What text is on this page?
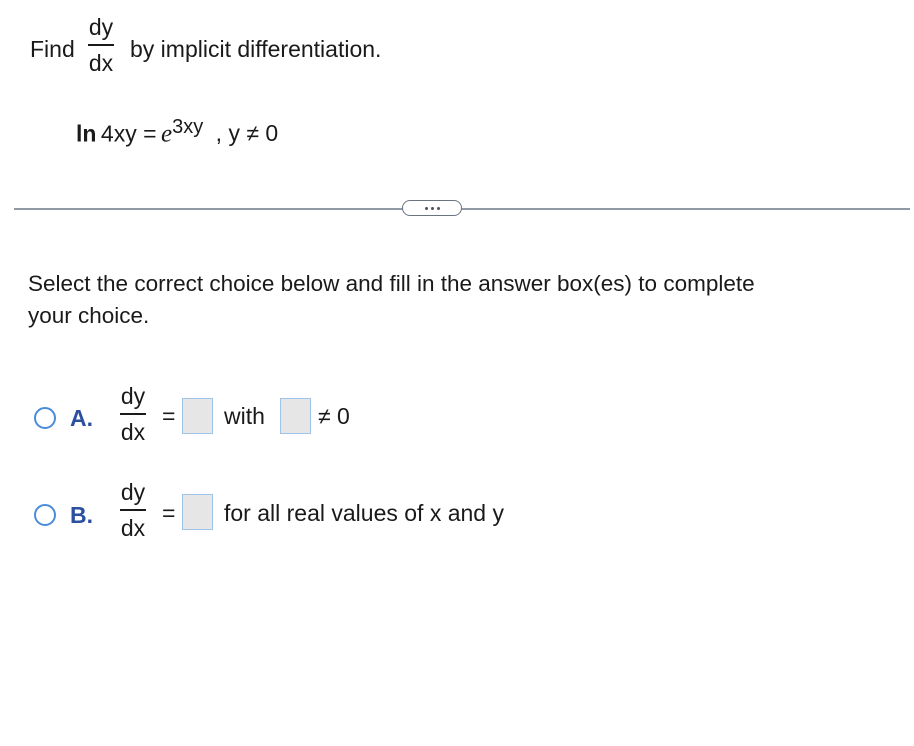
Find
dy
dx
by implicit differentiation.
$\ln 4xy = e^{3xy}$ , y ≠ 0
Select the correct choice below and fill in the answer box(es) to complete
your choice.
A.
dy
dx
= with ≠ 0
B.
dy
dx
= for all real values of x and y
